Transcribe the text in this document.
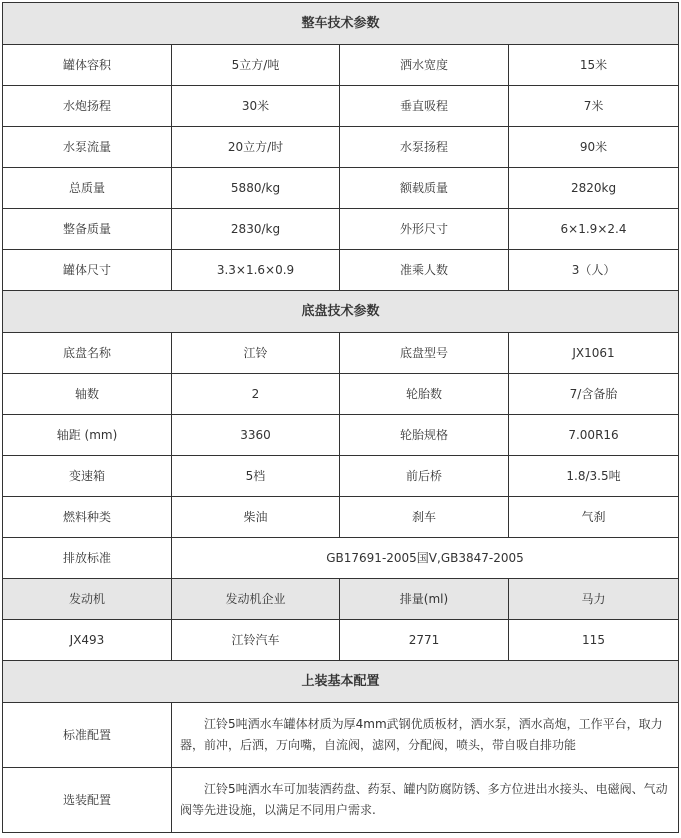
整车技术参数			
罐体容积	5立方/吨	洒水宽度	15米
水炮扬程	30米	垂直吸程	7米
水泵流量	20立方/时	水泵扬程	90米
总质量	5880/kg	额载质量	2820kg
整备质量	2830/kg	外形尺寸	6×1.9×2.4
罐体尺寸	3.3×1.6×0.9	准乘人数	3（人）
底盘技术参数			
底盘名称	江铃	底盘型号	JX1061
轴数	2	轮胎数	7/含备胎
轴距 (mm)	3360	轮胎规格	7.00R16
变速箱	5档	前后桥	1.8/3.5吨
燃料种类	柴油	刹车	气刹
排放标准	GB17691-2005国Ⅴ,GB3847-2005		
发动机	发动机企业	排量(ml)	马力
JX493	江铃汽车	2771	115
上装基本配置			
标准配置	江铃5吨洒水车罐体材质为厚4mm武钢优质板材，洒水泵，洒水高炮，工作平台，取力器，前冲，后洒，万向嘴，自流阀，滤网，分配阀，喷头，带自吸自排功能		
选装配置	江铃5吨洒水车可加装洒药盘、药泵、罐内防腐防锈、多方位进出水接头、电磁阀、气动阀等先进设施，以满足不同用户需求.		
